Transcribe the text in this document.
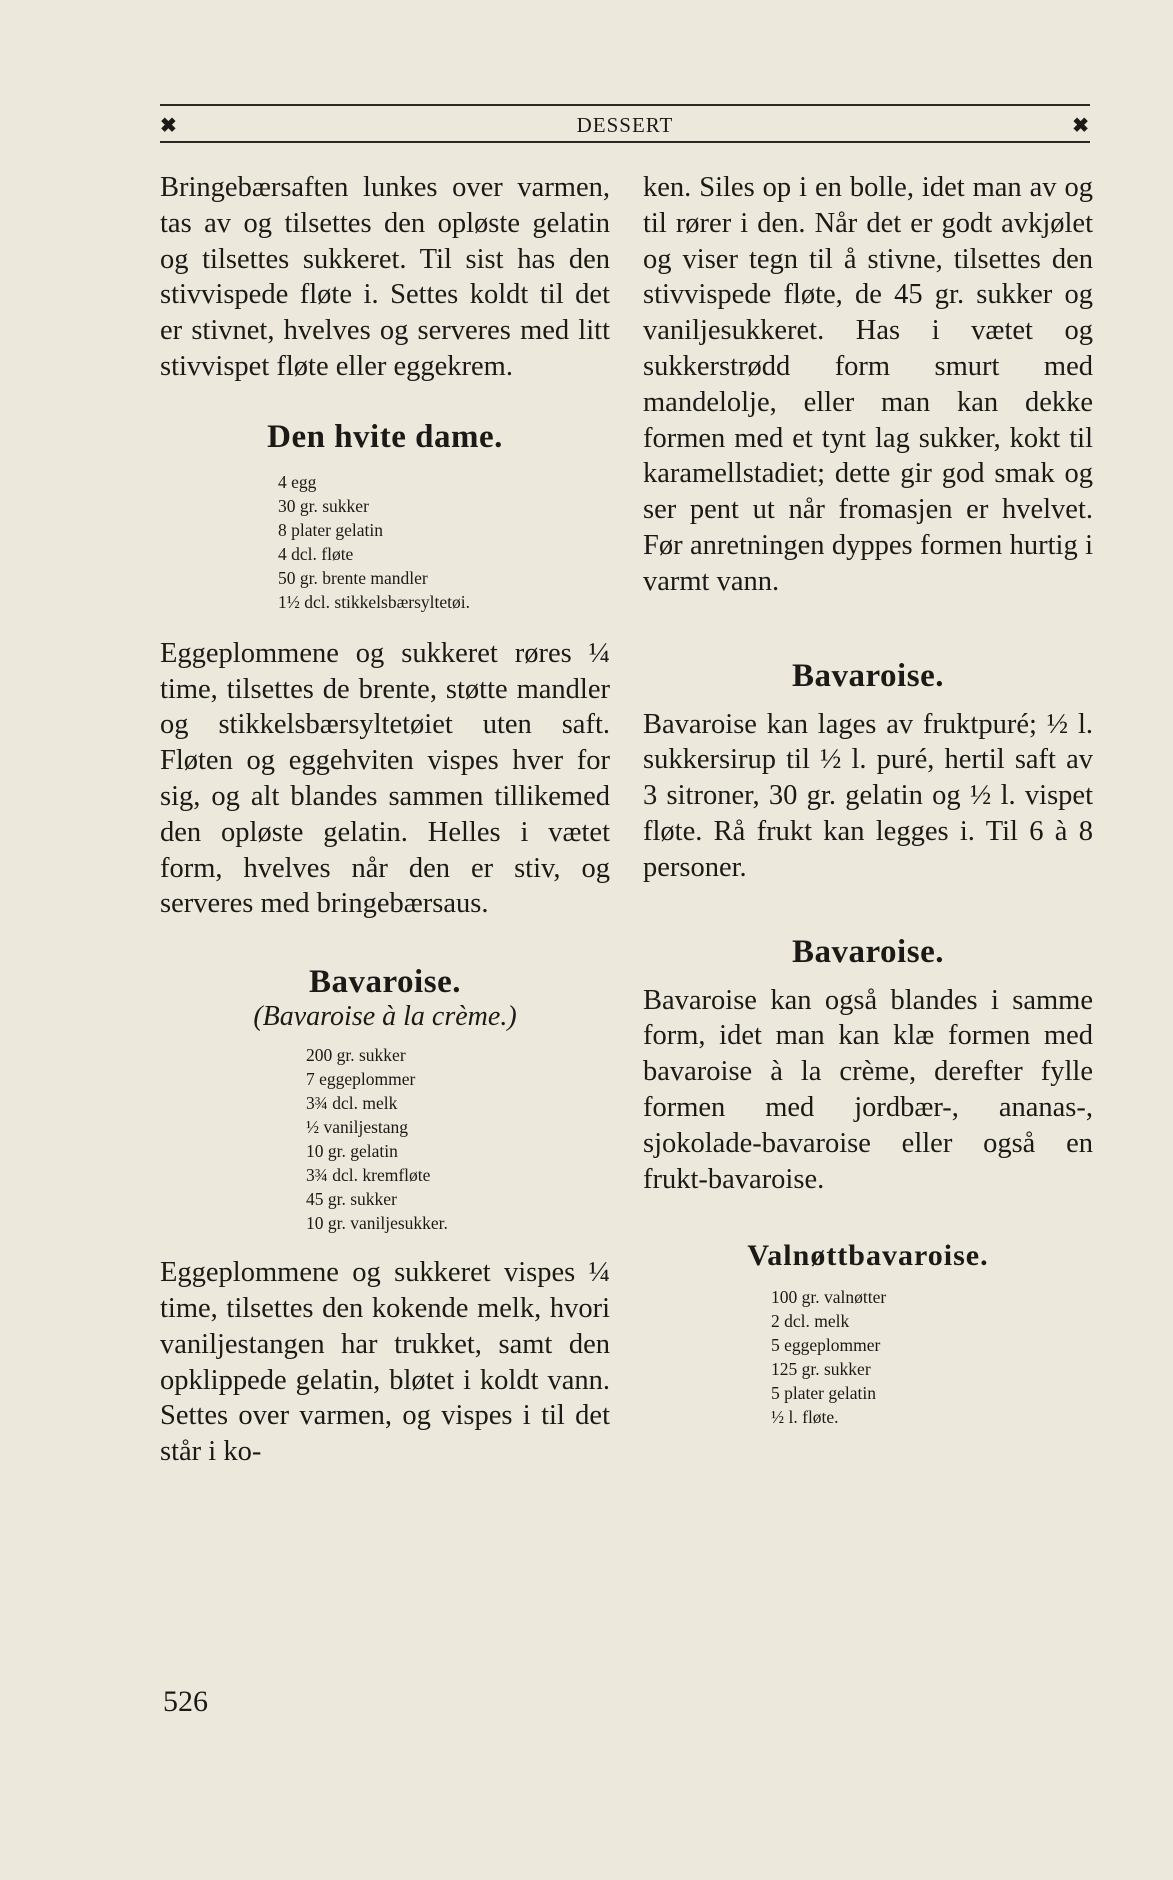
✖	DESSERT	✖

Bringebærsaften lunkes over varmen, tas av og tilsettes den opløste gelatin og tilsettes sukkeret. Til sist has den stivvispede fløte i. Settes koldt til det er stivnet, hvelves og serveres med litt stivvispet fløte eller eggekrem.

Den hvite dame.
4 egg
30 gr. sukker
8 plater gelatin
4 dcl. fløte
50 gr. brente mandler
1½ dcl. stikkelsbærsyltetøi.

Eggeplommene og sukkeret røres ¼ time, tilsettes de brente, støtte mandler og stikkelsbærsyltetøiet uten saft. Fløten og eggehviten vispes hver for sig, og alt blandes sammen tillikemed den opløste gelatin. Helles i vætet form, hvelves når den er stiv, og serveres med bringebærsaus.

Bavaroise.

(Bavaroise à la crème.)

200 gr. sukker
7 eggeplommer
3¾ dcl. melk
½ vaniljestang
10 gr. gelatin
3¾ dcl. kremfløte
45 gr. sukker
10 gr. vaniljesukker.

Eggeplommene og sukkeret vispes ¼ time, tilsettes den kokende melk, hvori vaniljestangen har trukket, samt den opklippede gelatin, bløtet i koldt vann. Settes over varmen, og vispes i til det står i ko-

ken. Siles op i en bolle, idet man av og til rører i den. Når det er godt avkjølet og viser tegn til å stivne, tilsettes den stivvispede fløte, de 45 gr. sukker og vaniljesukkeret. Has i vætet og sukkerstrødd form smurt med mandelolje, eller man kan dekke formen med et tynt lag sukker, kokt til karamellstadiet; dette gir god smak og ser pent ut når fromasjen er hvelvet. Før anretningen dyppes formen hurtig i varmt vann.

Bavaroise.

Bavaroise kan lages av fruktpuré; ½ l. sukkersirup til ½ l. puré, hertil saft av 3 sitroner, 30 gr. gelatin og ½ l. vispet fløte. Rå frukt kan legges i. Til 6 à 8 personer.

Bavaroise.

Bavaroise kan også blandes i samme form, idet man kan klæ formen med bavaroise à la crème, derefter fylle formen med jordbær-, ananas-, sjokolade-bavaroise eller også en frukt-bavaroise.

Valnøttbavaroise.
100 gr. valnøtter
2 dcl. melk
5 eggeplommer
125 gr. sukker
5 plater gelatin
½ l. fløte.
526
